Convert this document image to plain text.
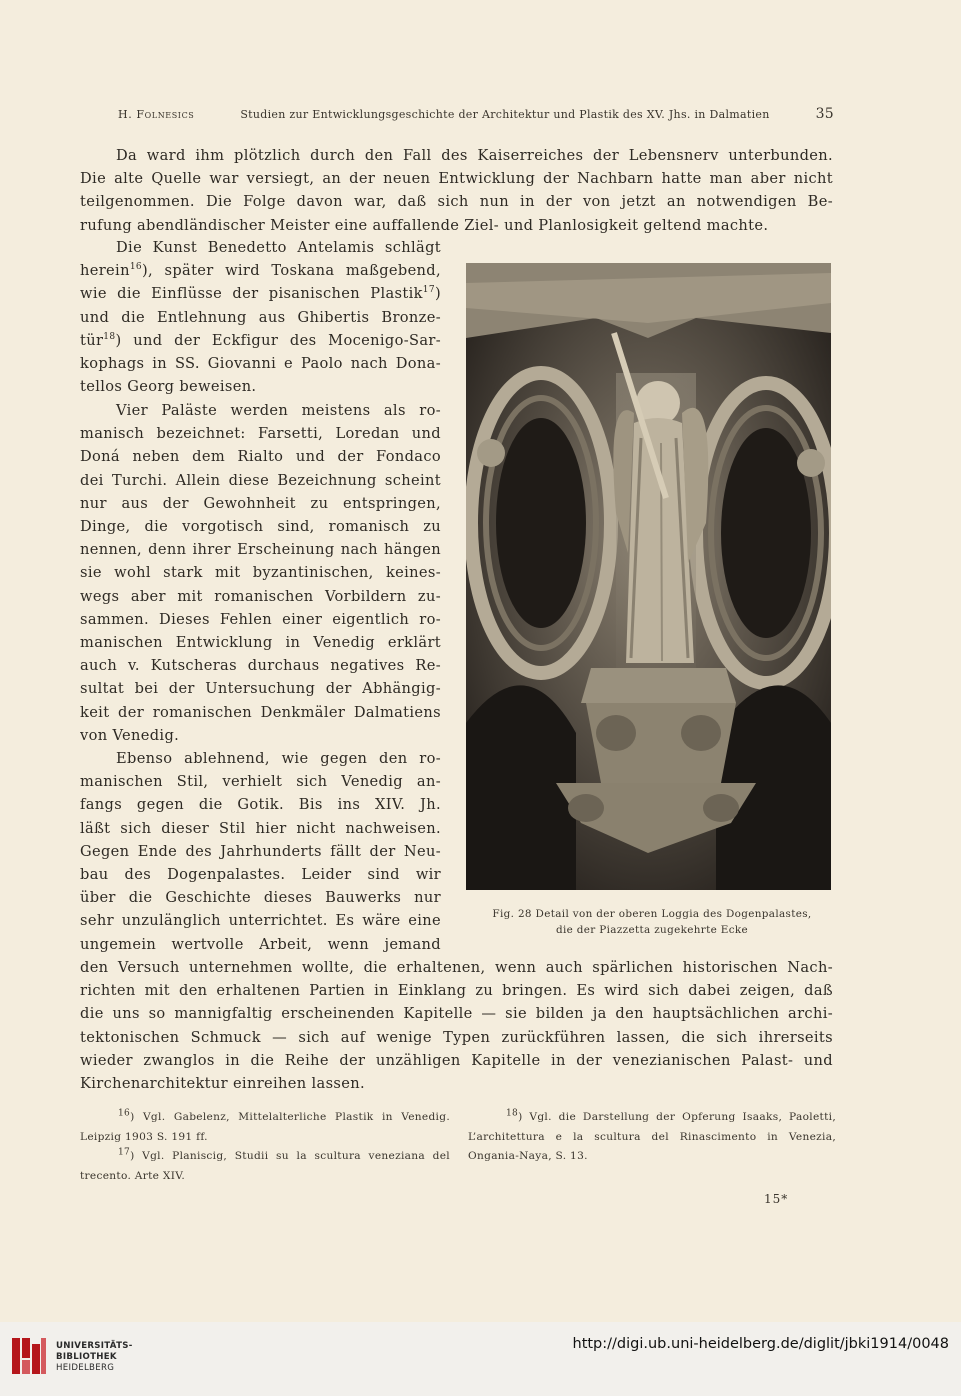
H. Folnesics	Studien zur Entwicklungsgeschichte der Architektur und Plastik des XV. Jhs. in Dalmatien	35
Da ward ihm plötzlich durch den Fall des Kaiserreiches der Lebensnerv unterbunden.
Die alte Quelle war versiegt, an der neuen Entwicklung der Nachbarn hatte man aber nicht
teilgenommen. Die Folge davon war, daß sich nun in der von jetzt an notwendigen Be-
rufung abendländischer Meister eine auffallende Ziel- und Planlosigkeit geltend machte.
Die Kunst Benedetto Antelamis schlägt
herein$^{16}$), später wird Toskana maßgebend,
wie die Einflüsse der pisanischen Plastik$^{17}$)
und die Entlehnung aus Ghibertis Bronze-
tür$^{18}$) und der Eckfigur des Mocenigo-Sar-
kophags in SS. Giovanni e Paolo nach Dona-
tellos Georg beweisen.
Vier Paläste werden meistens als ro-
manisch bezeichnet: Farsetti, Loredan und
Doná neben dem Rialto und der Fondaco
dei Turchi. Allein diese Bezeichnung scheint
nur aus der Gewohnheit zu entspringen,
Dinge, die vorgotisch sind, romanisch zu
nennen, denn ihrer Erscheinung nach hängen
sie wohl stark mit byzantinischen, keines-
wegs aber mit romanischen Vorbildern zu-
sammen. Dieses Fehlen einer eigentlich ro-
manischen Entwicklung in Venedig erklärt
auch v. Kutscheras durchaus negatives Re-
sultat bei der Untersuchung der Abhängig-
keit der romanischen Denkmäler Dalmatiens
von Venedig.
Ebenso ablehnend, wie gegen den ro-
manischen Stil, verhielt sich Venedig an-
fangs gegen die Gotik. Bis ins XIV. Jh.
läßt sich dieser Stil hier nicht nachweisen.
Gegen Ende des Jahrhunderts fällt der Neu-
bau des Dogenpalastes. Leider sind wir
über die Geschichte dieses Bauwerks nur
sehr unzulänglich unterrichtet. Es wäre eine
ungemein wertvolle Arbeit, wenn jemand
den Versuch unternehmen wollte, die erhaltenen, wenn auch spärlichen historischen Nach-
richten mit den erhaltenen Partien in Einklang zu bringen. Es wird sich dabei zeigen, daß
die uns so mannigfaltig erscheinenden Kapitelle — sie bilden ja den hauptsächlichen archi-
tektonischen Schmuck — sich auf wenige Typen zurückführen lassen, die sich ihrerseits
wieder zwanglos in die Reihe der unzähligen Kapitelle in der venezianischen Palast- und
Kirchenarchitektur einreihen lassen.
Fig. 28 Detail von der oberen Loggia des Dogenpalastes,
die der Piazzetta zugekehrte Ecke
$^{16}$) Vgl. Gabelenz, Mittelalterliche Plastik in Venedig.
Leipzig 1903 S. 191 ff.
$^{17}$) Vgl. Planiscig, Studii su la scultura veneziana del
trecento. Arte XIV.
$^{18}$) Vgl. die Darstellung der Opferung Isaaks, Paoletti,
L’architettura e la scultura del Rinascimento in Venezia,
Ongania-Naya, S. 13.
15*
UNIVERSITÄTS-
BIBLIOTHEK
HEIDELBERG
http://digi.ub.uni-heidelberg.de/diglit/jbki1914/0048
